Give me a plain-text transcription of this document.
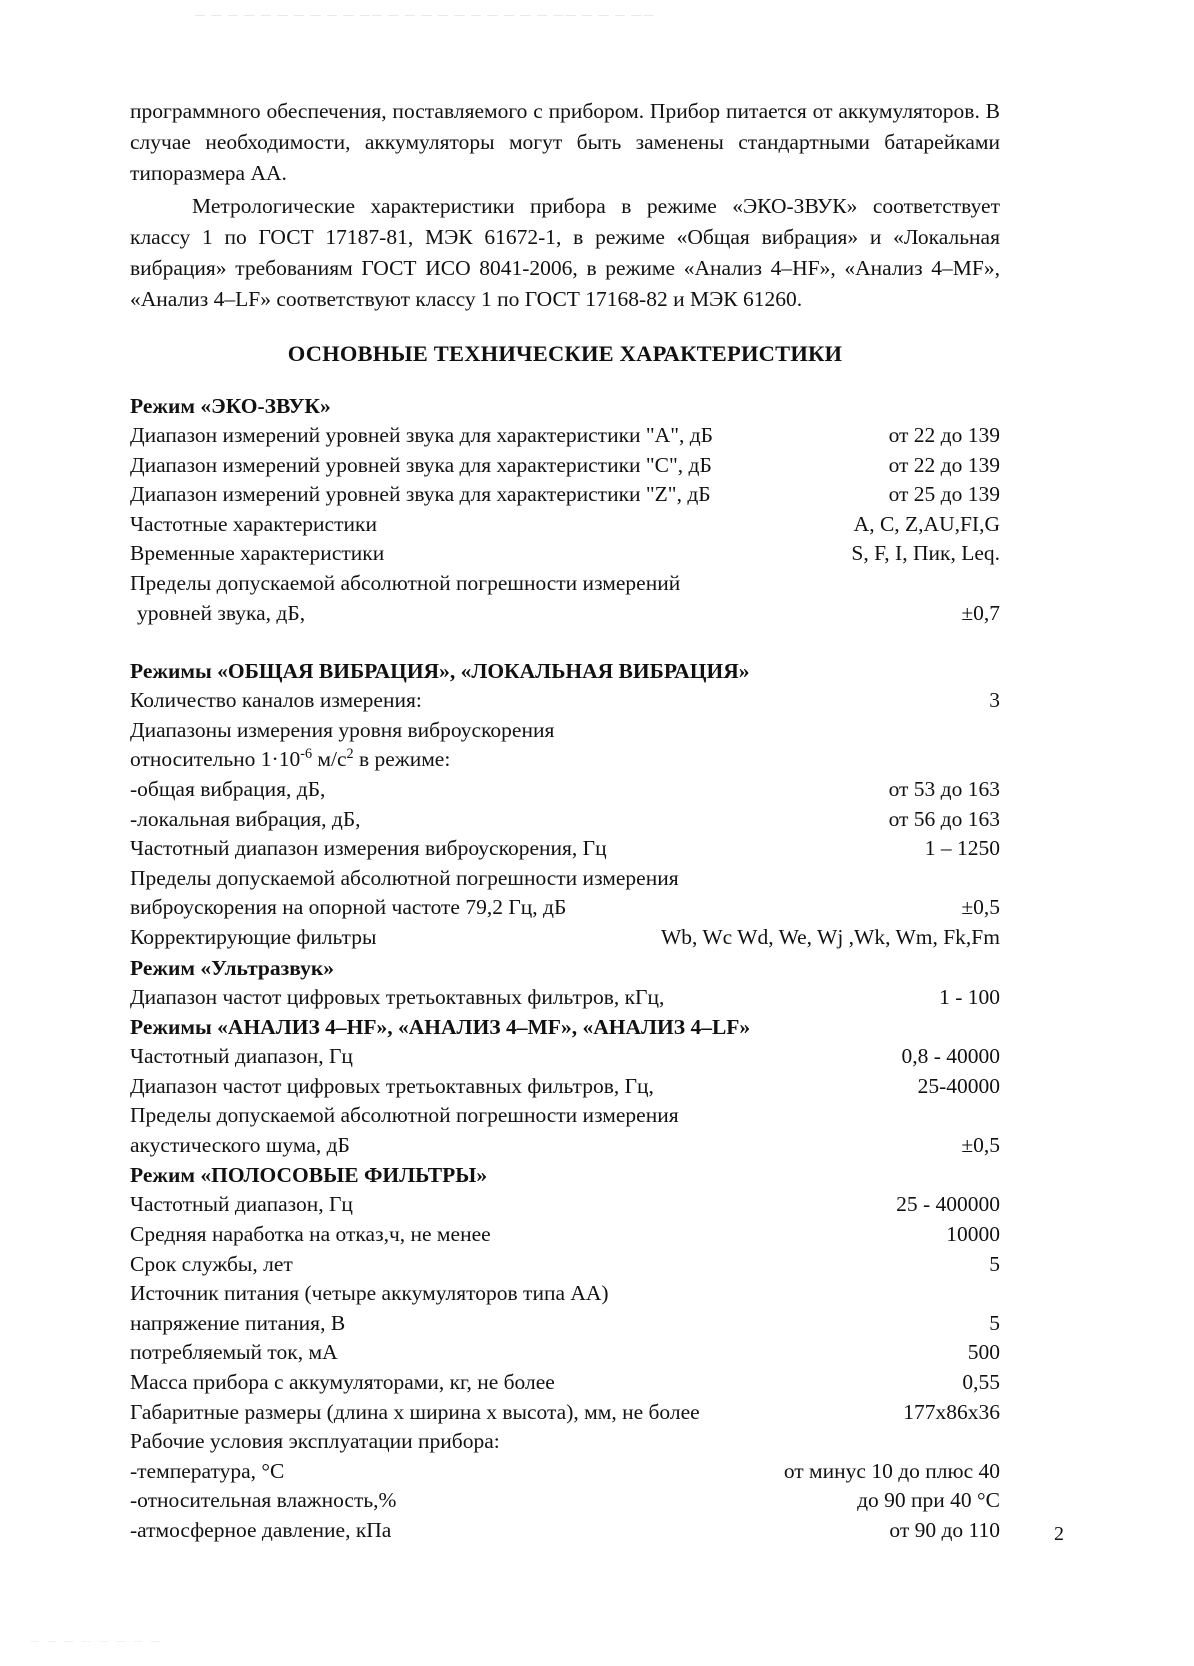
— — — — — — — — — — —— — — — — — — — — — — —— — — — ——

программного обеспечения, поставляемого с прибором. Прибор питается от аккумуляторов. В случае необходимости, аккумуляторы могут быть заменены стандартными батарейками типоразмера АА.

Метрологические характеристики прибора в режиме «ЭКО-ЗВУК» соответствует классу 1 по ГОСТ 17187-81, МЭК 61672-1, в режиме «Общая вибрация» и «Локальная вибрация» требованиям ГОСТ ИСО 8041-2006, в режиме «Анализ 4–HF», «Анализ 4–MF», «Анализ 4–LF» соответствуют классу 1 по ГОСТ 17168-82 и МЭК 61260.

ОСНОВНЫЕ ТЕХНИЧЕСКИЕ ХАРАКТЕРИСТИКИ
Режим «ЭКО-ЗВУК»
Диапазон измерений уровней звука для характеристики "A", дБ	от 22 до 139
Диапазон измерений уровней звука для характеристики "C", дБ	от 22 до 139
Диапазон измерений уровней звука для характеристики "Z", дБ	от 25 до 139
Частотные характеристики	A, C, Z,AU,FI,G
Временные характеристики	S, F, I, Пик, Leq.
Пределы допускаемой абсолютной погрешности измерений
уровней звука, дБ,	±0,7
Режимы «ОБЩАЯ ВИБРАЦИЯ», «ЛОКАЛЬНАЯ ВИБРАЦИЯ»
Количество каналов измерения:	3
Диапазоны измерения уровня виброускорения
относительно $1\cdot 10^{-6}$ $м/с^2$ в режиме:
-общая вибрация, дБ,	от 53 до 163
-локальная вибрация, дБ,	от 56 до 163
Частотный диапазон измерения виброускорения, Гц	1 – 1250
Пределы допускаемой абсолютной погрешности измерения
виброускорения на опорной частоте 79,2 Гц, дБ	±0,5
Корректирующие фильтры	Wb, Wc Wd, We, Wj ,Wk, Wm, Fk,Fm
Режим «Ультразвук»
Диапазон частот цифровых третьоктавных фильтров, кГц,	1 - 100
Режимы «АНАЛИЗ 4–HF», «АНАЛИЗ 4–MF», «АНАЛИЗ 4–LF»
Частотный диапазон, Гц	0,8 - 40000
Диапазон частот цифровых третьоктавных фильтров, Гц,	25-40000
Пределы допускаемой абсолютной погрешности измерения
акустического шума, дБ	±0,5
Режим «ПОЛОСОВЫЕ ФИЛЬТРЫ»
Частотный диапазон, Гц	25 - 400000
Средняя наработка на отказ,ч, не менее	10000
Срок службы, лет	5
Источник питания (четыре аккумуляторов типа АА)
напряжение питания, В	5
потребляемый ток, мА	500
Масса прибора с аккумуляторами, кг, не более	0,55
Габаритные размеры (длина х ширина х высота), мм, не более	177x86x36
Рабочие условия эксплуатации прибора:
-температура, °C	от минус 10 до плюс 40
-относительная влажность,%	до 90 при 40 °C
-атмосферное давление, кПа	от 90 до 110	2
— — — — — — — —
